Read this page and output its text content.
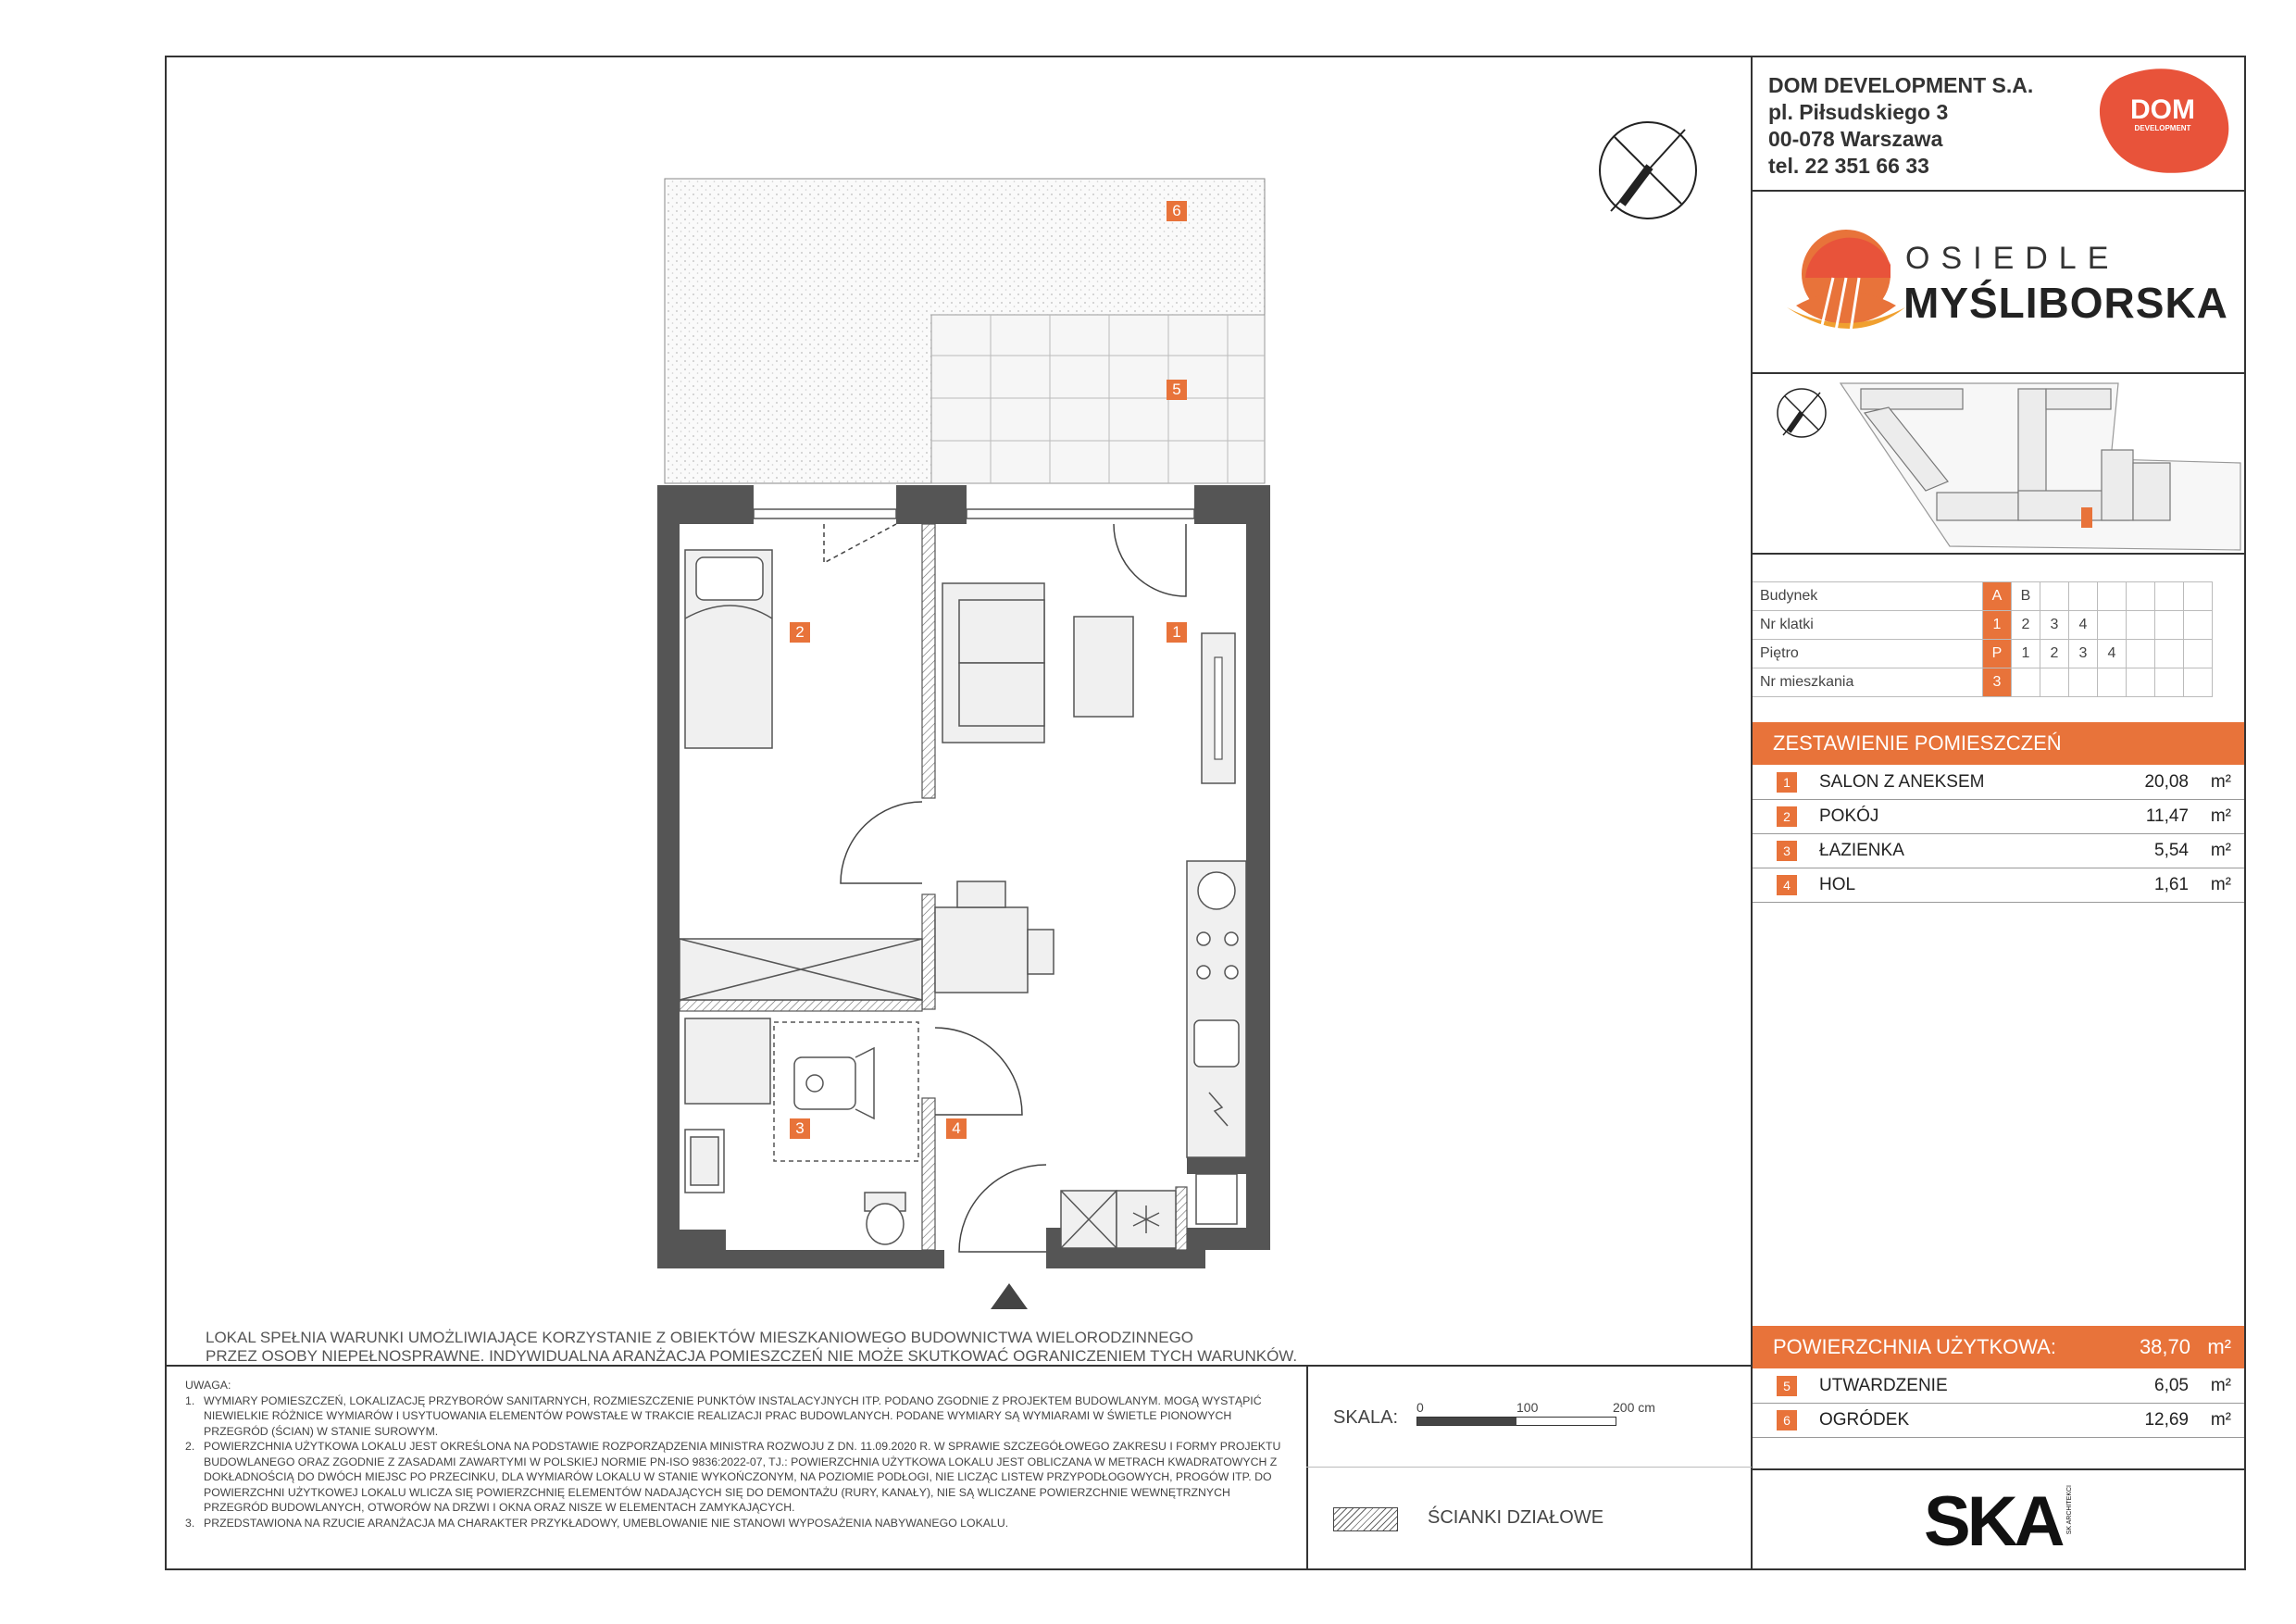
6
5
1
2
3	4
DOM DEVELOPMENT S.A.
pl. Piłsudskiego 3
00-078 Warszawa
tel. 22 351 66 33
DOM
DEVELOPMENT
OSIEDLE
MYŚLIBORSKA
Budynek	A	B						
Nr klatki	1	2	3	4				
Piętro	P	1	2	3	4			
Nr mieszkania	3							
ZESTAWIENIE POMIESZCZEŃ
1	SALON Z ANEKSEM	20,08 m²
2	POKÓJ	11,47 m²
3	ŁAZIENKA	5,54 m²
4	HOL	1,61 m²
POWIERZCHNIA UŻYTKOWA:	38,70 m²
5	UTWARDZENIE	6,05 m²
6	OGRÓDEK	12,69 m²
LOKAL SPEŁNIA WARUNKI UMOŻLIWIAJĄCE KORZYSTANIE Z OBIEKTÓW MIESZKANIOWEGO BUDOWNICTWA WIELORODZINNEGO
PRZEZ OSOBY NIEPEŁNOSPRAWNE. INDYWIDUALNA ARANŻACJA POMIESZCZEŃ NIE MOŻE SKUTKOWAĆ OGRANICZENIEM TYCH WARUNKÓW.
UWAGA:
1. WYMIARY POMIESZCZEŃ, LOKALIZACJĘ PRZYBORÓW SANITARNYCH, ROZMIESZCZENIE PUNKTÓW INSTALACYJNYCH ITP. PODANO ZGODNIE Z PROJEKTEM BUDOWLANYM. MOGĄ WYSTĄPIĆ NIEWIELKIE RÓŻNICE WYMIARÓW I USYTUOWANIA ELEMENTÓW POWSTAŁE W TRAKCIE REALIZACJI PRAC BUDOWLANYCH. PODANE WYMIARY SĄ WYMIARAMI W ŚWIETLE PIONOWYCH PRZEGRÓD (ŚCIAN) W STANIE SUROWYM.
2. POWIERZCHNIA UŻYTKOWA LOKALU JEST OKREŚLONA NA PODSTAWIE ROZPORZĄDZENIA MINISTRA ROZWOJU Z DN. 11.09.2020 R. W SPRAWIE SZCZEGÓŁOWEGO ZAKRESU I FORMY PROJEKTU BUDOWLANEGO ORAZ ZGODNIE Z ZASADAMI ZAWARTYMI W POLSKIEJ NORMIE PN-ISO 9836:2022-07, TJ.: POWIERZCHNIA UŻYTKOWA LOKALU JEST OBLICZANA W METRACH KWADRATOWYCH Z DOKŁADNOŚCIĄ DO DWÓCH MIEJSC PO PRZECINKU, DLA WYMIARÓW LOKALU W STANIE WYKOŃCZONYM, NA POZIOMIE PODŁOGI, NIE LICZĄC LISTEW PRZYPODŁOGOWYCH, PROGÓW ITP. DO POWIERZCHNI UŻYTKOWEJ LOKALU WLICZA SIĘ POWIERZCHNIĘ ELEMENTÓW NADAJĄCYCH SIĘ DO DEMONTAŻU (RURY, KANAŁY), NIE SĄ WLICZANE POWIERZCHNIE WEWNĘTRZNYCH PRZEGRÓD BUDOWLANYCH, OTWORÓW NA DRZWI I OKNA ORAZ NISZE W ELEMENTACH ZAMYKAJĄCYCH.
3. PRZEDSTAWIONA NA RZUCIE ARANŻACJA MA CHARAKTER PRZYKŁADOWY, UMEBLOWANIE NIE STANOWI WYPOSAŻENIA NABYWANEGO LOKALU.
SKALA: 0	100	200 cm
ŚCIANKI DZIAŁOWE	SKA SK ARCHITEKCI
